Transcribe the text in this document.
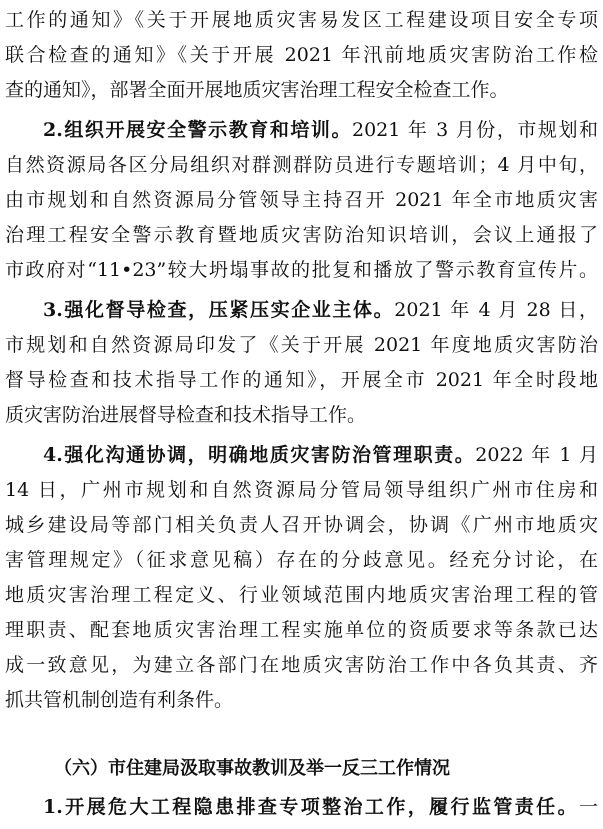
工作的通知》《关于开展地质灾害易发区工程建设项目安全专项
联合检查的通知》《关于开展 2021 年汛前地质灾害防治工作检
查的通知》，部署全面开展地质灾害治理工程安全检查工作。
2.组织开展安全警示教育和培训。2021 年 3 月份，市规划和
自然资源局各区分局组织对群测群防员进行专题培训；4 月中旬，
由市规划和自然资源局分管领导主持召开 2021 年全市地质灾害
治理工程安全警示教育暨地质灾害防治知识培训，会议上通报了
市政府对“11•23”较大坍塌事故的批复和播放了警示教育宣传片。
3.强化督导检查，压紧压实企业主体。2021 年 4 月 28 日，
市规划和自然资源局印发了《关于开展 2021 年度地质灾害防治
督导检查和技术指导工作的通知》，开展全市 2021 年全时段地
质灾害防治进展督导检查和技术指导工作。
4.强化沟通协调，明确地质灾害防治管理职责。2022 年 1 月
14 日，广州市规划和自然资源局分管局领导组织广州市住房和
城乡建设局等部门相关负责人召开协调会，协调《广州市地质灾
害管理规定》（征求意见稿）存在的分歧意见。经充分讨论，在
地质灾害治理工程定义、行业领域范围内地质灾害治理工程的管
理职责、配套地质灾害治理工程实施单位的资质要求等条款已达
成一致意见，为建立各部门在地质灾害防治工作中各负其责、齐
抓共管机制创造有利条件。
（六）市住建局汲取事故教训及举一反三工作情况
1.开展危大工程隐患排查专项整治工作，履行监管责任。一
